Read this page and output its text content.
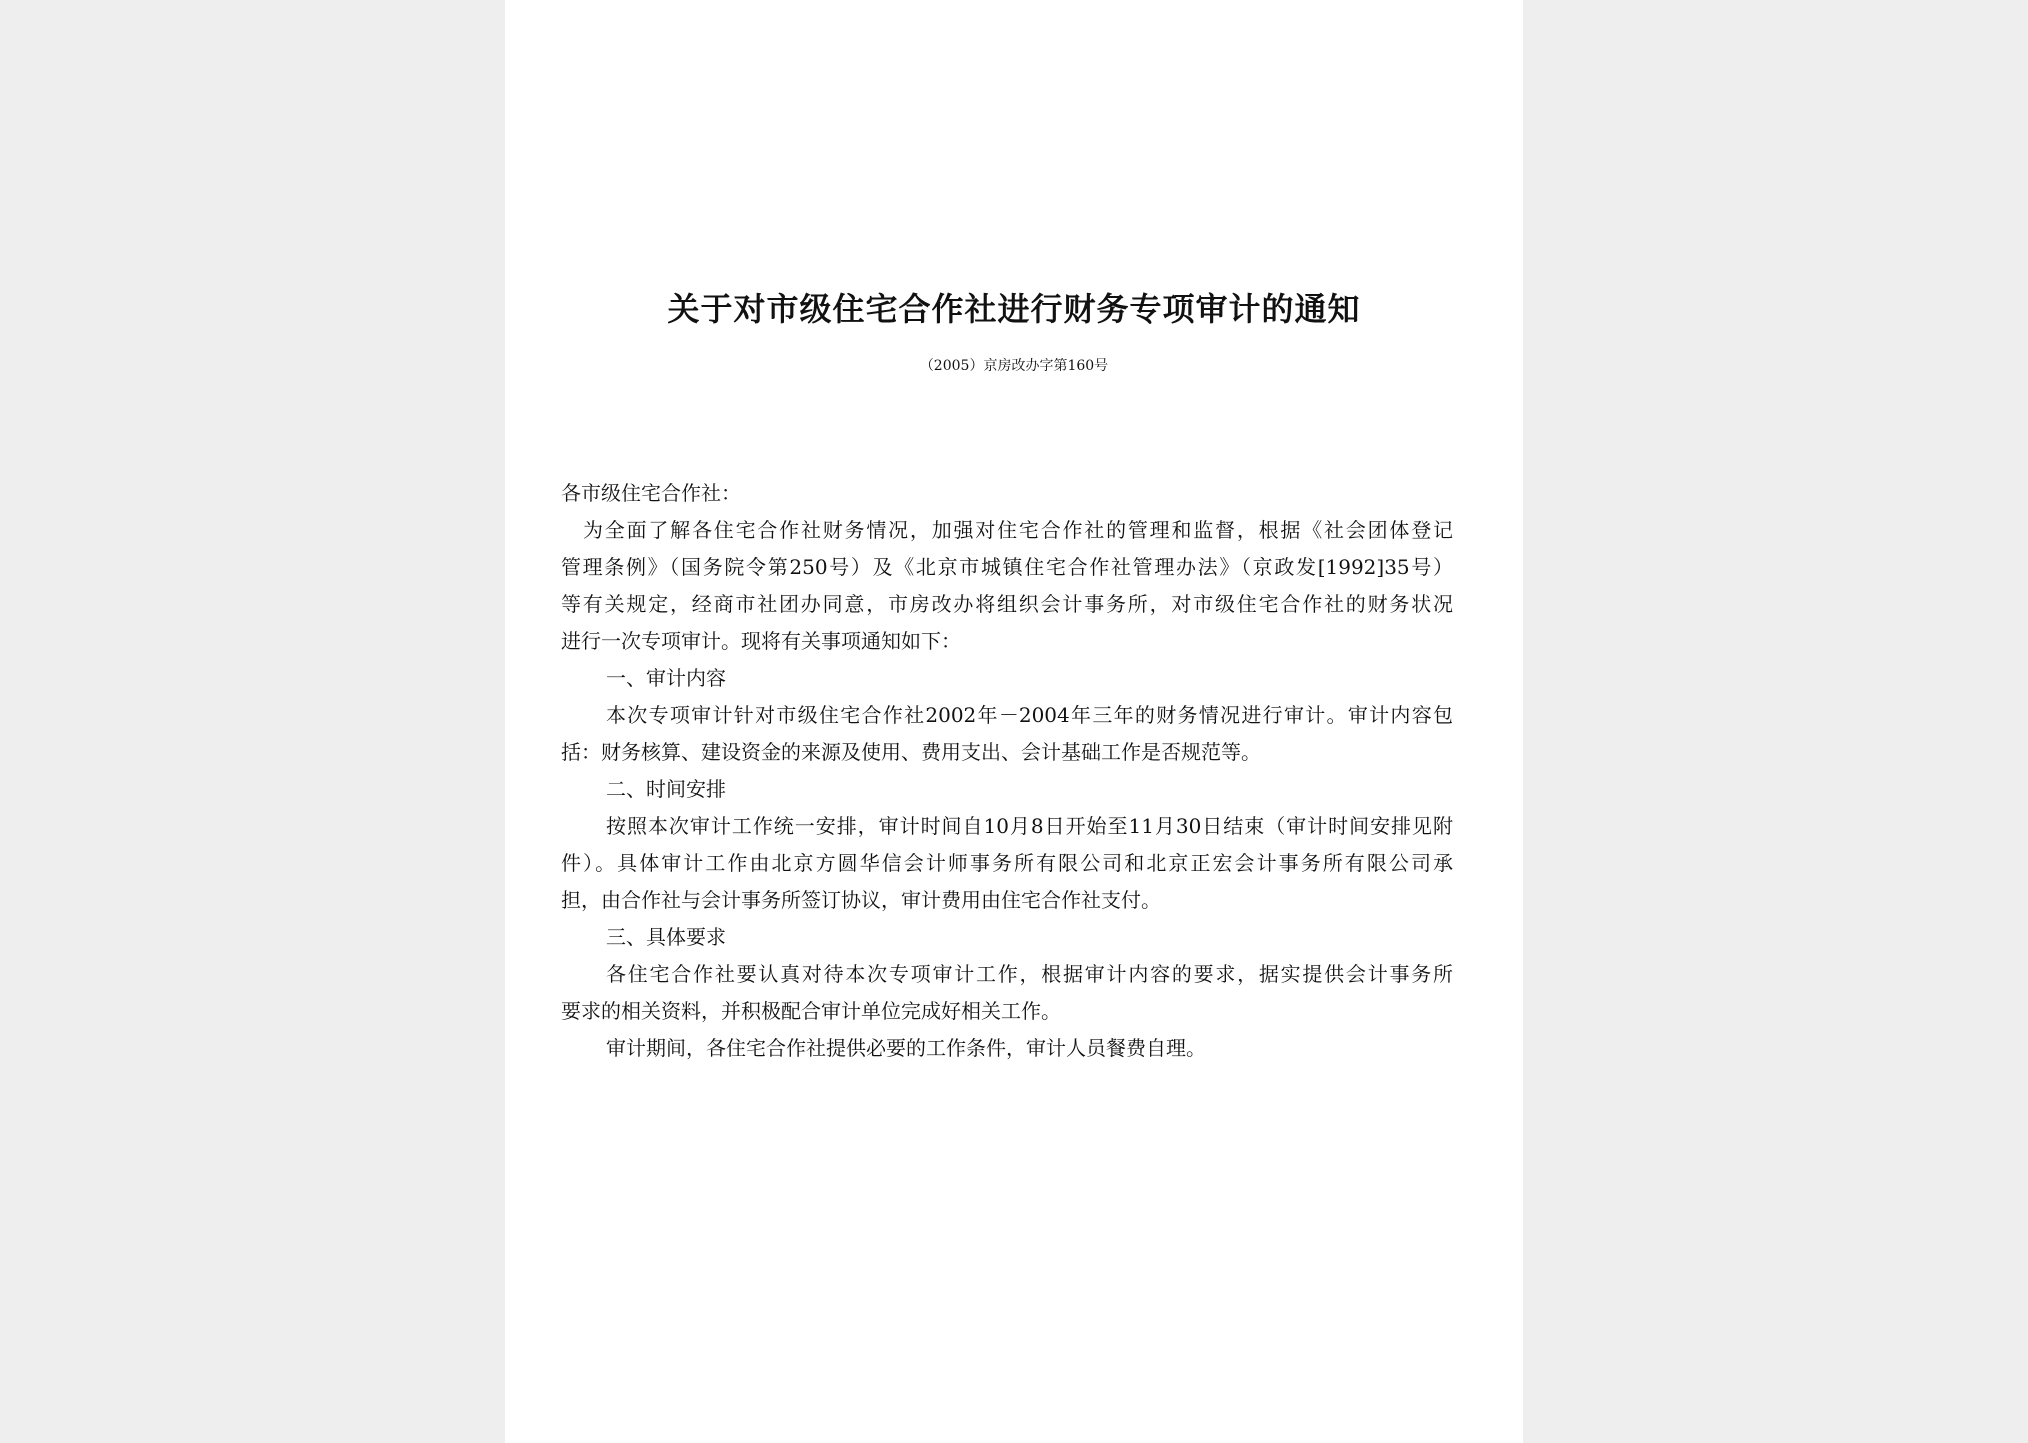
关于对市级住宅合作社进行财务专项审计的通知
（2005）京房改办字第160号
各市级住宅合作社：
为全面了解各住宅合作社财务情况，加强对住宅合作社的管理和监督，根据《社会团体登记
管理条例》（国务院令第250号）及《北京市城镇住宅合作社管理办法》（京政发[1992]35号）
等有关规定，经商市社团办同意，市房改办将组织会计事务所，对市级住宅合作社的财务状况
进行一次专项审计。现将有关事项通知如下：
一、审计内容
本次专项审计针对市级住宅合作社2002年－2004年三年的财务情况进行审计。审计内容包
括：财务核算、建设资金的来源及使用、费用支出、会计基础工作是否规范等。
二、时间安排
按照本次审计工作统一安排，审计时间自10月8日开始至11月30日结束（审计时间安排见附
件）。具体审计工作由北京方圆华信会计师事务所有限公司和北京正宏会计事务所有限公司承
担，由合作社与会计事务所签订协议，审计费用由住宅合作社支付。
三、具体要求
各住宅合作社要认真对待本次专项审计工作，根据审计内容的要求，据实提供会计事务所
要求的相关资料，并积极配合审计单位完成好相关工作。
审计期间，各住宅合作社提供必要的工作条件，审计人员餐费自理。
